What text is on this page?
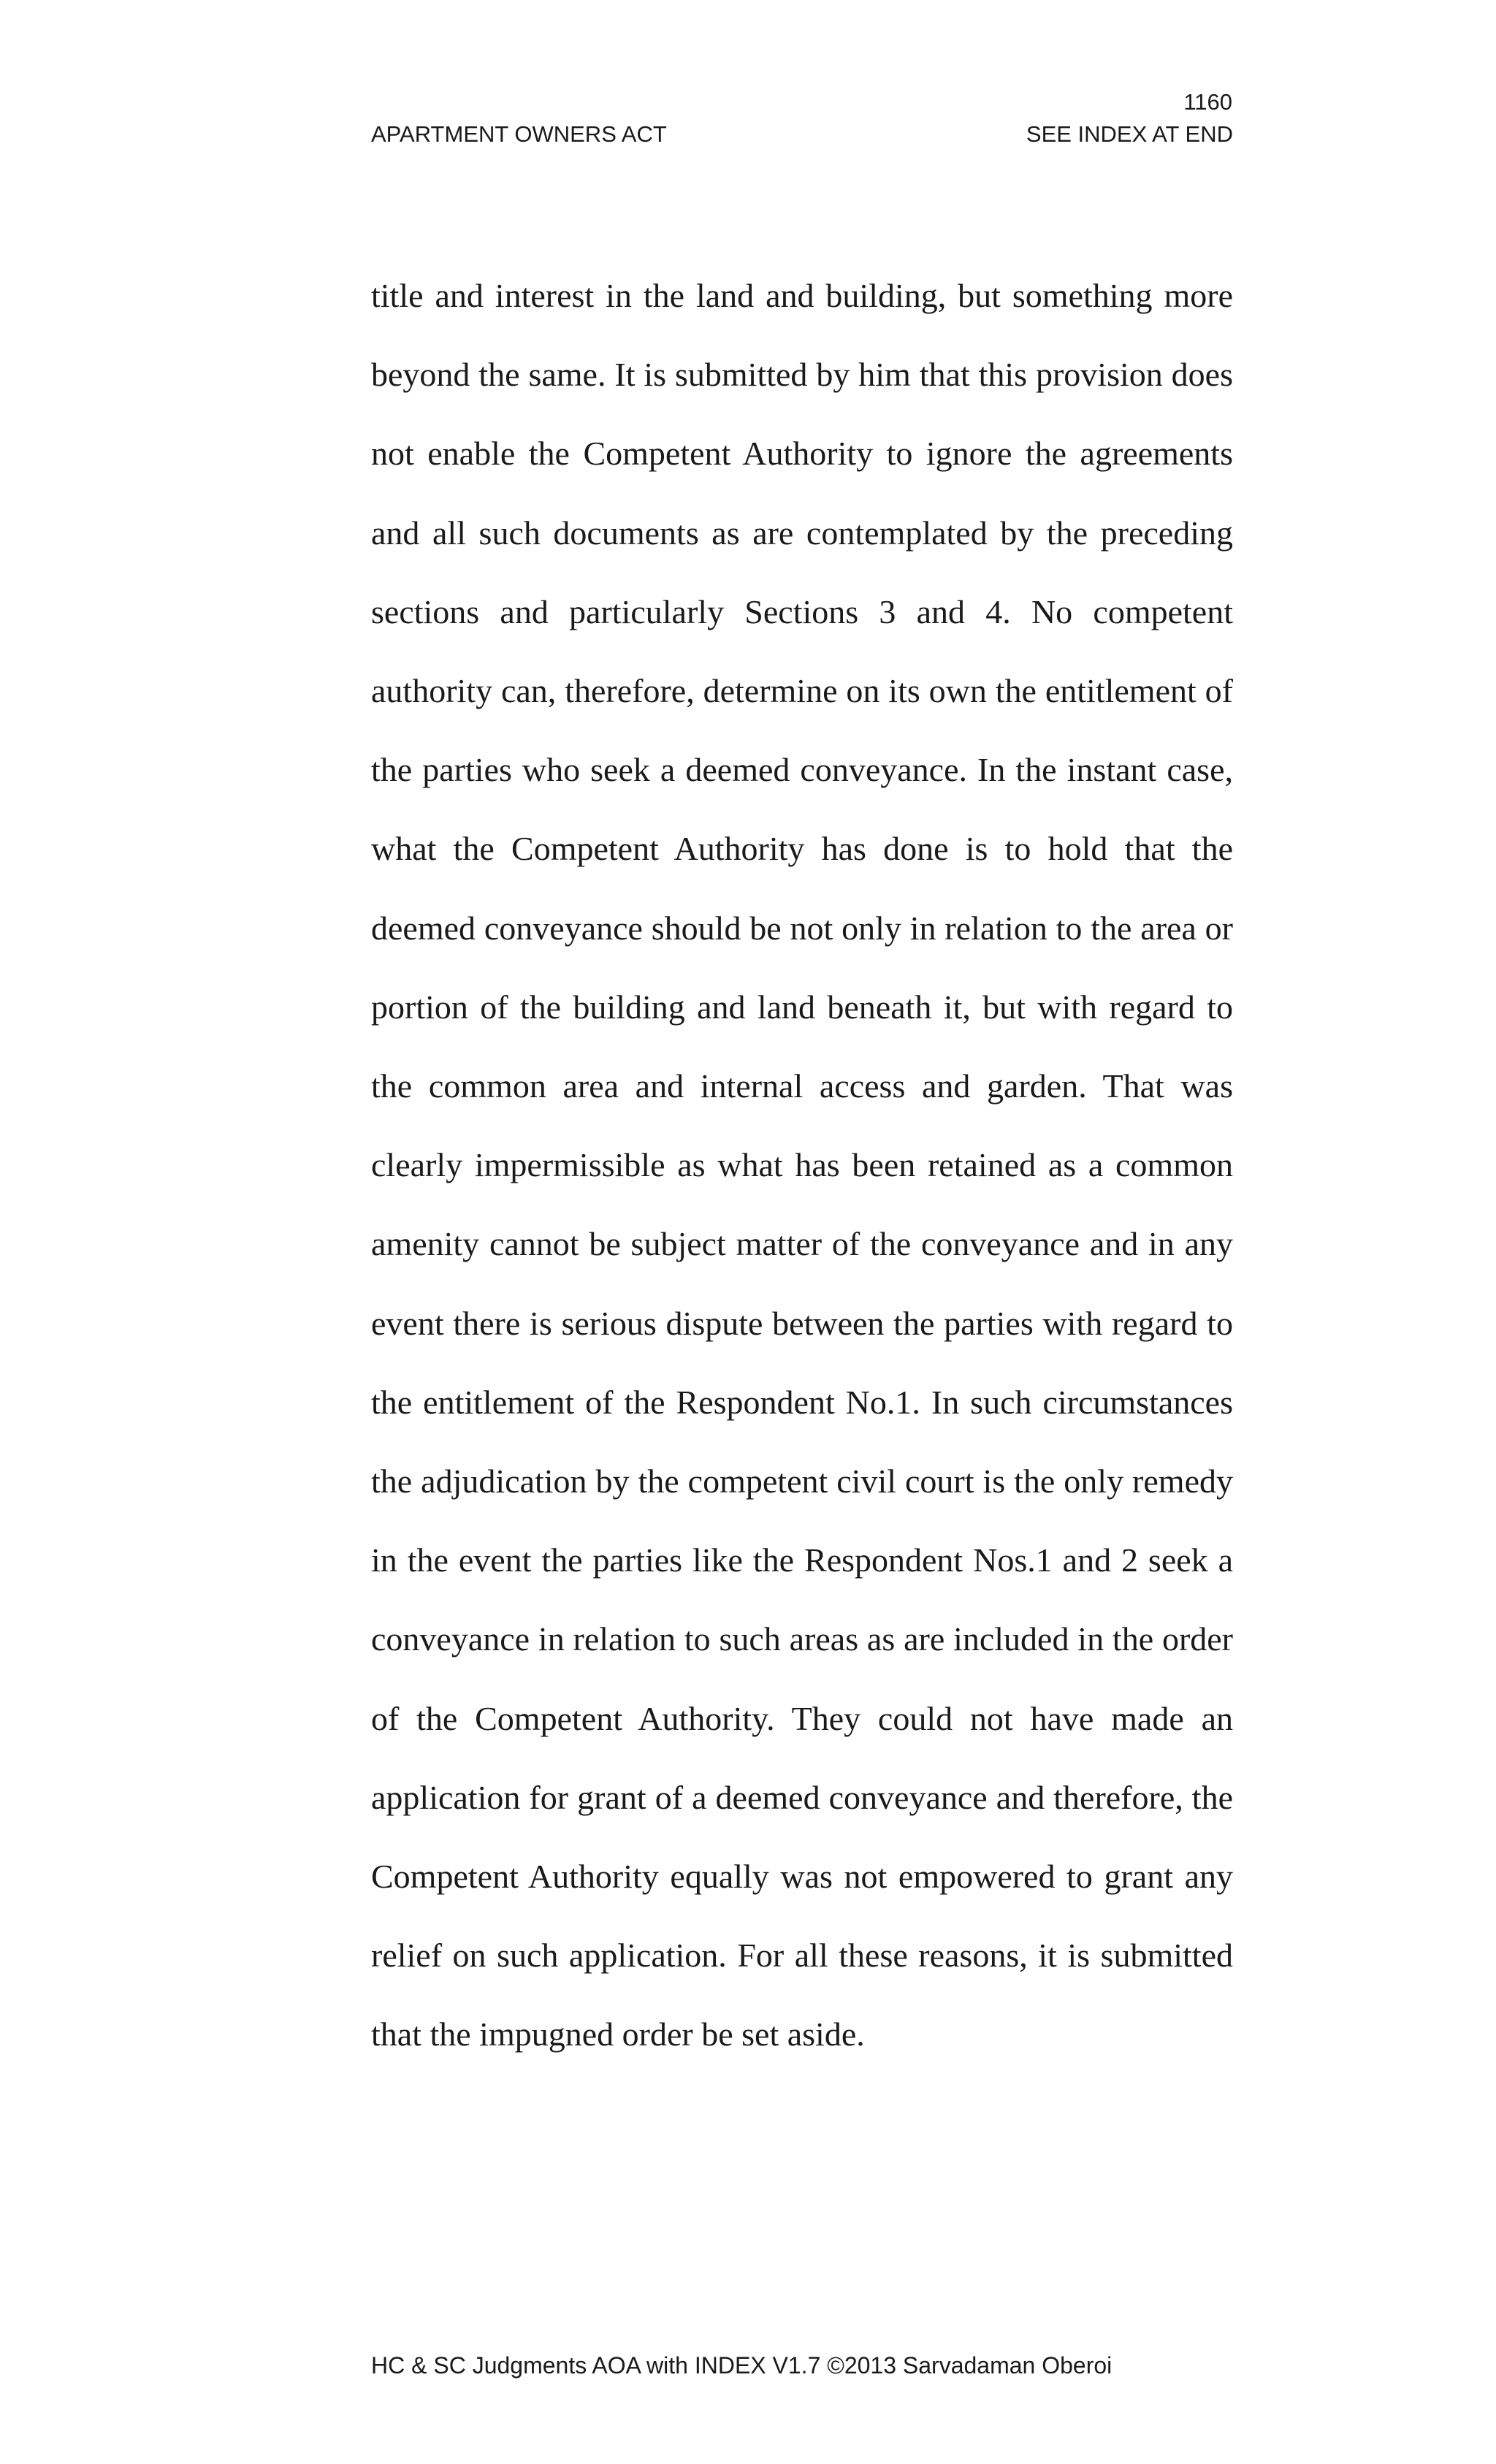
1160
APARTMENT OWNERS ACT	SEE INDEX AT END

title and interest in the land and building, but something more beyond the same. It is submitted by him that this provision does not enable the Competent Authority to ignore the agreements and all such documents as are contemplated by the preceding sections and particularly Sections 3 and 4. No competent authority can, therefore, determine on its own the entitlement of the parties who seek a deemed conveyance. In the instant case, what the Competent Authority has done is to hold that the deemed conveyance should be not only in relation to the area or portion of the building and land beneath it, but with regard to the common area and internal access and garden. That was clearly impermissible as what has been retained as a common amenity cannot be subject matter of the conveyance and in any event there is serious dispute between the parties with regard to the entitlement of the Respondent No.1. In such circumstances the adjudication by the competent civil court is the only remedy in the event the parties like the Respondent Nos.1 and 2 seek a conveyance in relation to such areas as are included in the order of the Competent Authority. They could not have made an application for grant of a deemed conveyance and therefore, the Competent Authority equally was not empowered to grant any relief on such application. For all these reasons, it is submitted that the impugned order be set aside.

HC & SC Judgments AOA with INDEX V1.7 ©2013 Sarvadaman Oberoi
